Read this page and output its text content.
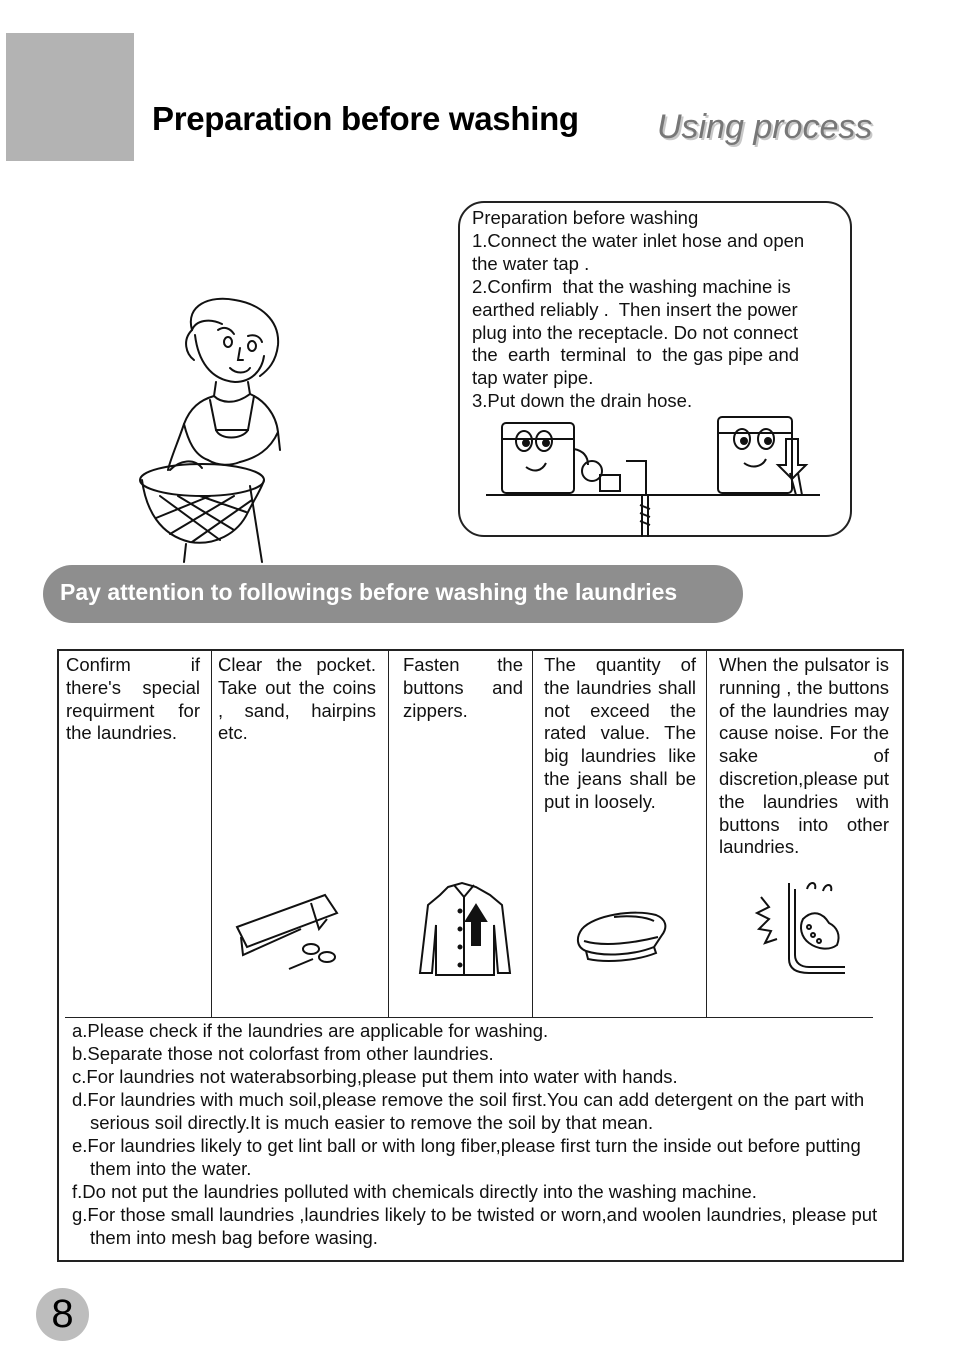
Preparation before washing Using process
Preparation before washing
1.Connect the water inlet hose and open
the water tap .
2.Confirm  that the washing machine is
earthed reliably .  Then insert the power
plug into the receptacle. Do not connect
the  earth  terminal  to  the gas pipe and
tap water pipe.
3.Put down the drain hose.
Pay attention to followings before washing the laundries
Confirm if there's special requirment for the laundries.
Clear the pocket. Take out the coins , sand, hairpins etc.
Fasten the buttons and zippers.
The quantity of the laundries shall not exceed the rated value. The big laundries like the jeans shall be put in loosely.
When the pulsator is running , the buttons of the laundries may cause noise. For the sake of discretion,please put the laundries with buttons into other laundries.
a.Please check if the laundries are applicable for washing.
b.Separate those not colorfast from other laundries.
c.For laundries not waterabsorbing,please put them into water with hands.
d.For laundries with much soil,please remove the soil first.You can add detergent on the part with serious soil directly.It is much easier to remove the soil by that mean.
e.For laundries likely to get lint ball or with long fiber,please first turn the inside out before putting them into the water.
f.Do not put the laundries polluted with chemicals directly into the washing machine.
g.For those small laundries ,laundries likely to be twisted or worn,and woolen laundries, please put them into mesh bag before wasing.
8
